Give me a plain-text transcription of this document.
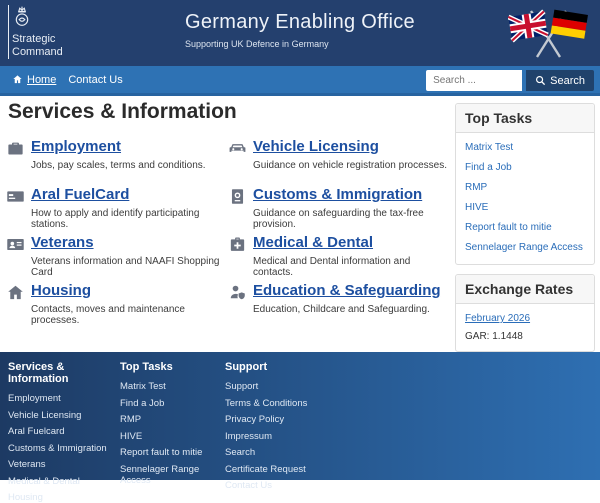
Strategic Command
Germany Enabling Office
Supporting UK Defence in Germany
Home Contact Us
Search ...	Search
Services & Information
Employment

Jobs, pay scales, terms and conditions.

Vehicle Licensing

Guidance on vehicle registration processes.

Aral FuelCard

How to apply and identify participating stations.

Customs & Immigration

Guidance on safeguarding the tax-free provision.

Veterans

Veterans information and NAAFI Shopping Card

Medical & Dental

Medical and Dental information and contacts.

Housing

Contacts, moves and maintenance processes.

Education & Safeguarding

Education, Childcare and Safeguarding.

Top Tasks
Matrix Test
Find a Job
RMP
HIVE
Report fault to mitie
Sennelager Range Access
Exchange Rates
February 2026
GAR: 1.1448
Services & Information
Employment
Vehicle Licensing
Aral Fuelcard
Customs & Immigration
Veterans
Medical & Dental
Housing
Top Tasks
Matrix Test
Find a Job
RMP
HIVE
Report fault to mitie
Sennelager Range Access
Support
Support
Terms & Conditions
Privacy Policy
Impressum
Search
Certificate Request
Contact Us
